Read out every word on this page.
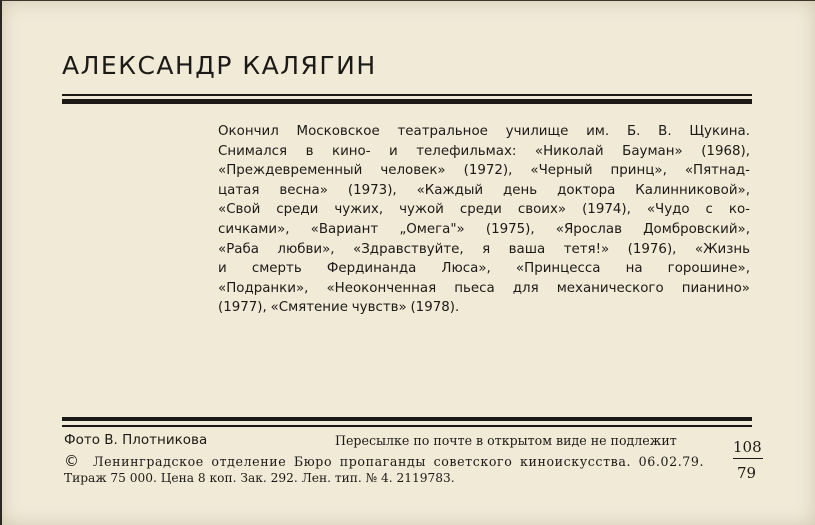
АЛЕКСАНДР КАЛЯГИН
Окончил Московское театральное училище им. Б. В. Щукина.
Снимался в кино- и телефильмах: «Николай Бауман» (1968),
«Преждевременный человек» (1972), «Черный принц», «Пятнад-
цатая весна» (1973), «Каждый день доктора Калинниковой»,
«Свой среди чужих, чужой среди своих» (1974), «Чудо с ко-
сичками», «Вариант „Омега"» (1975), «Ярослав Домбровский»,
«Раба любви», «Здравствуйте, я ваша тетя!» (1976), «Жизнь
и смерть Фердинанда Люса», «Принцесса на горошине»,
«Подранки», «Неоконченная пьеса для механического пианино»
(1977), «Смятение чувств» (1978).
Фото В. Плотникова	Пересылке по почте в открытом виде не подлежит
© Ленинградское отделение Бюро пропаганды советского киноискусства. 06.02.79.
Тираж 75 000. Цена 8 коп. Зак. 292. Лен. тип. № 4. 2119783.
108
79
